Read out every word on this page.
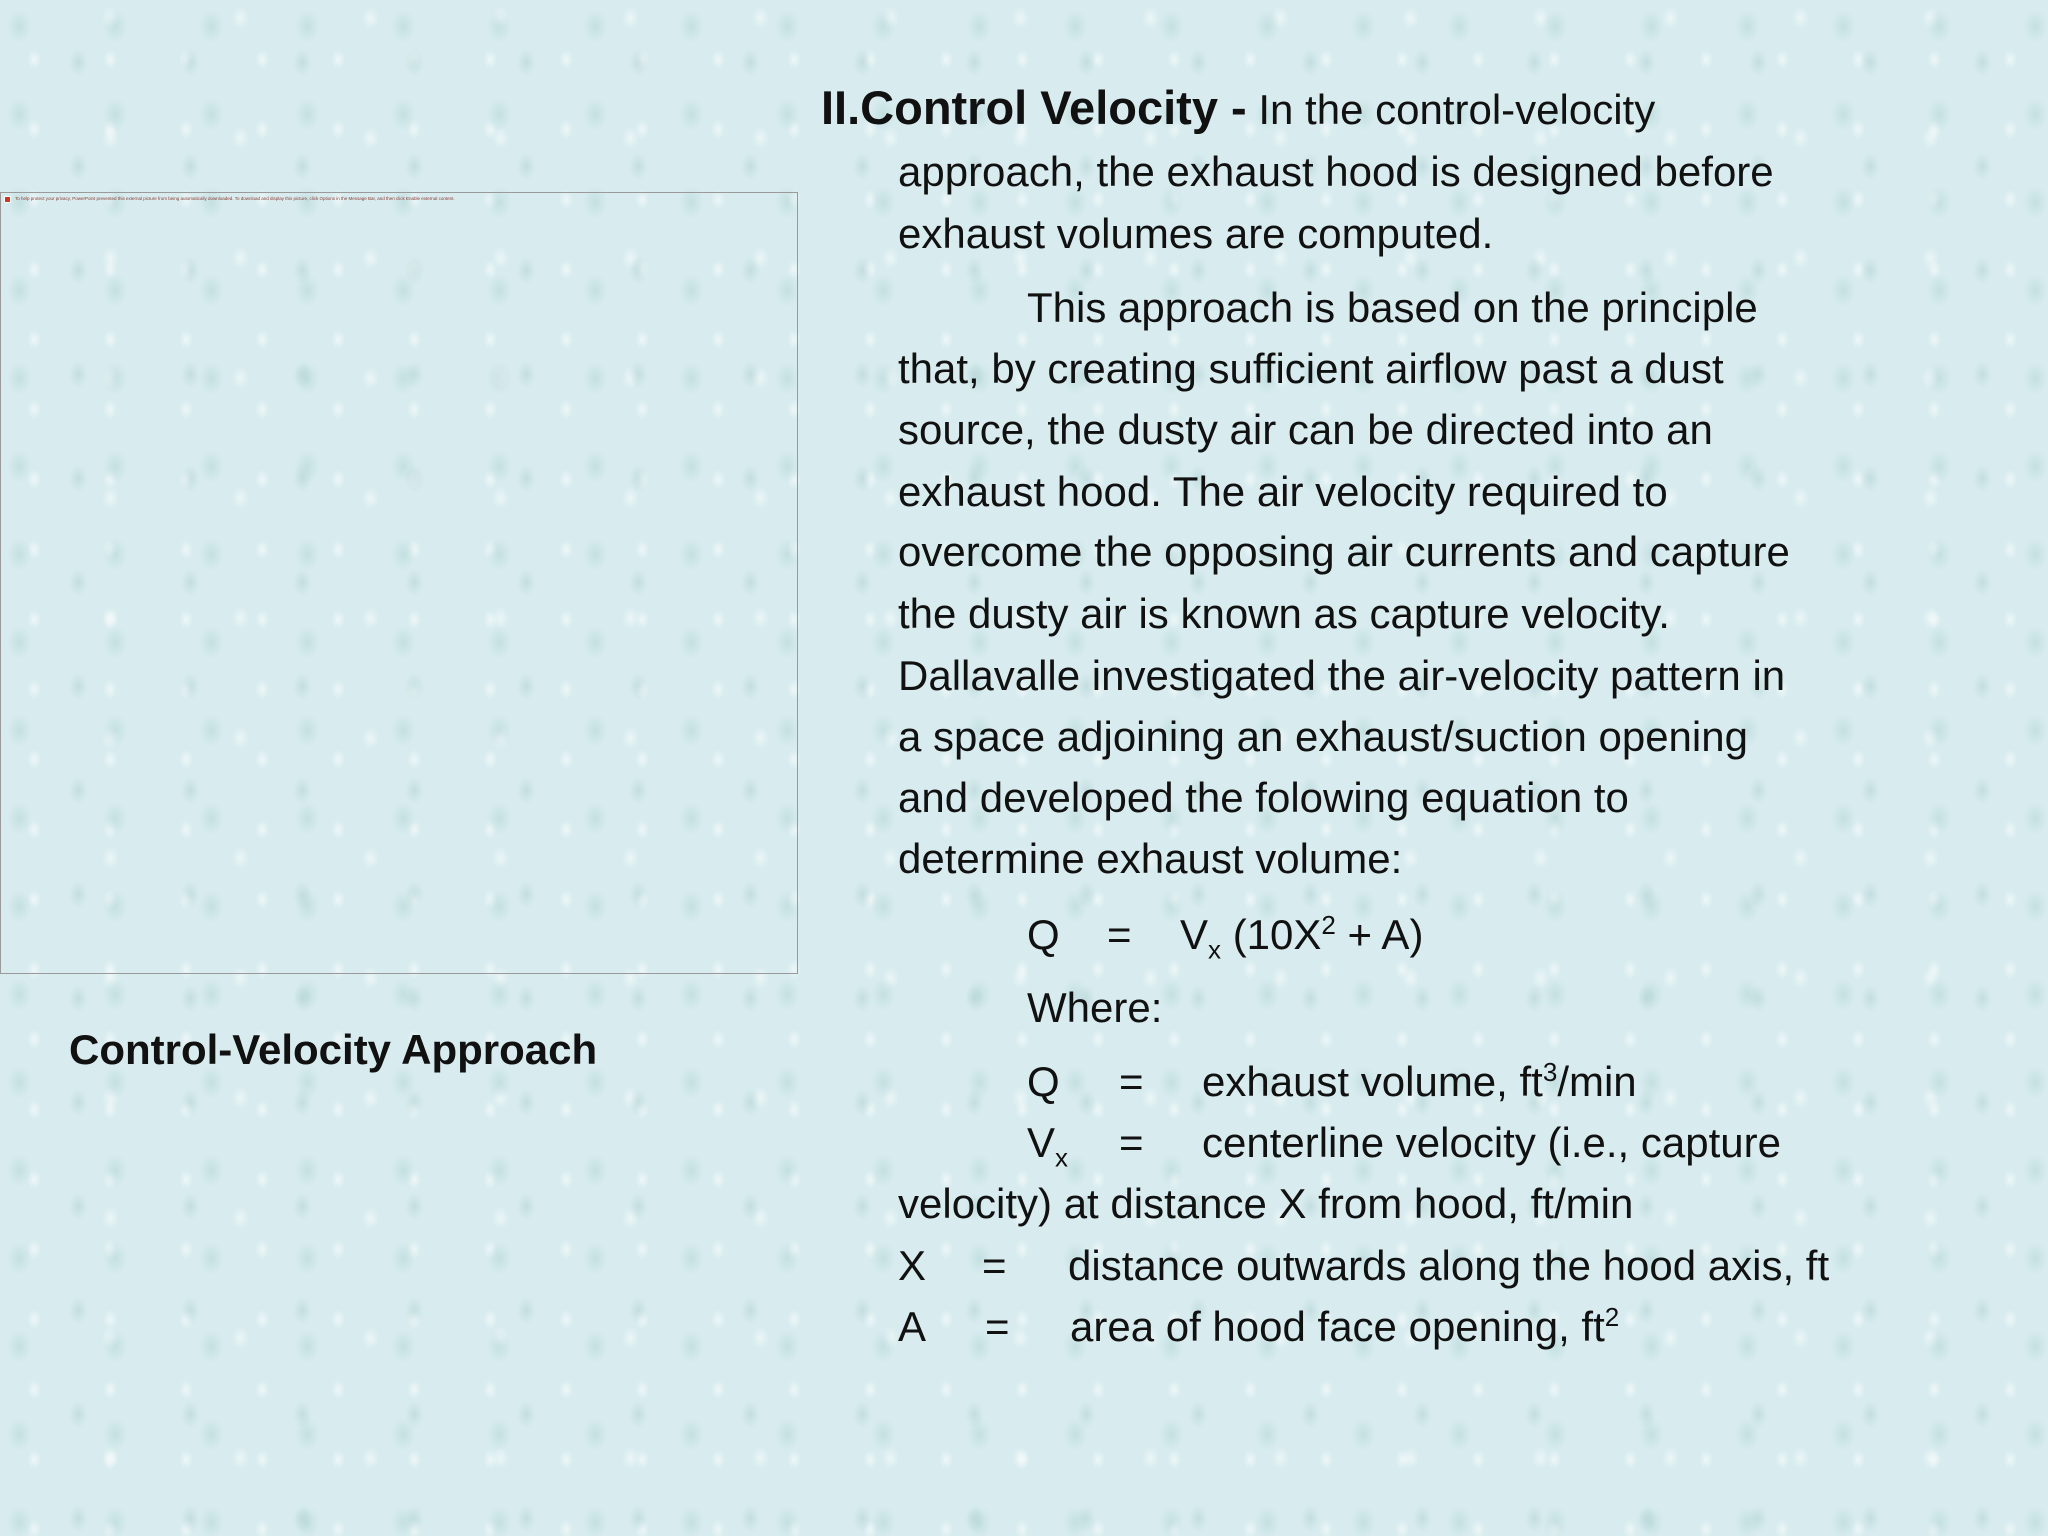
To help protect your privacy, PowerPoint prevented this external picture from being automatically downloaded. To download and display this picture, click Options in the Message Bar, and then click Enable external content.
Control-Velocity Approach
II.Control Velocity - In the control-velocity
approach, the exhaust hood is designed before
exhaust volumes are computed.
This approach is based on the principle
that, by creating sufficient airflow past a dust
source, the dusty air can be directed into an
exhaust hood. The air velocity required to
overcome the opposing air currents and capture
the dusty air is known as capture velocity.
Dallavalle investigated the air-velocity pattern in
a space adjoining an exhaust/suction opening
and developed the folowing equation to
determine exhaust volume:
$Q = V_x$ $(10X^2 + A)$
Where:
Q = exhaust volume, $ft^3/\min$
$V_x$ = centerline velocity (i.e., capture
velocity) at distance X from hood, ft/min
X = distance outwards along the hood axis, ft
A = area of hood face opening, $ft^2$
